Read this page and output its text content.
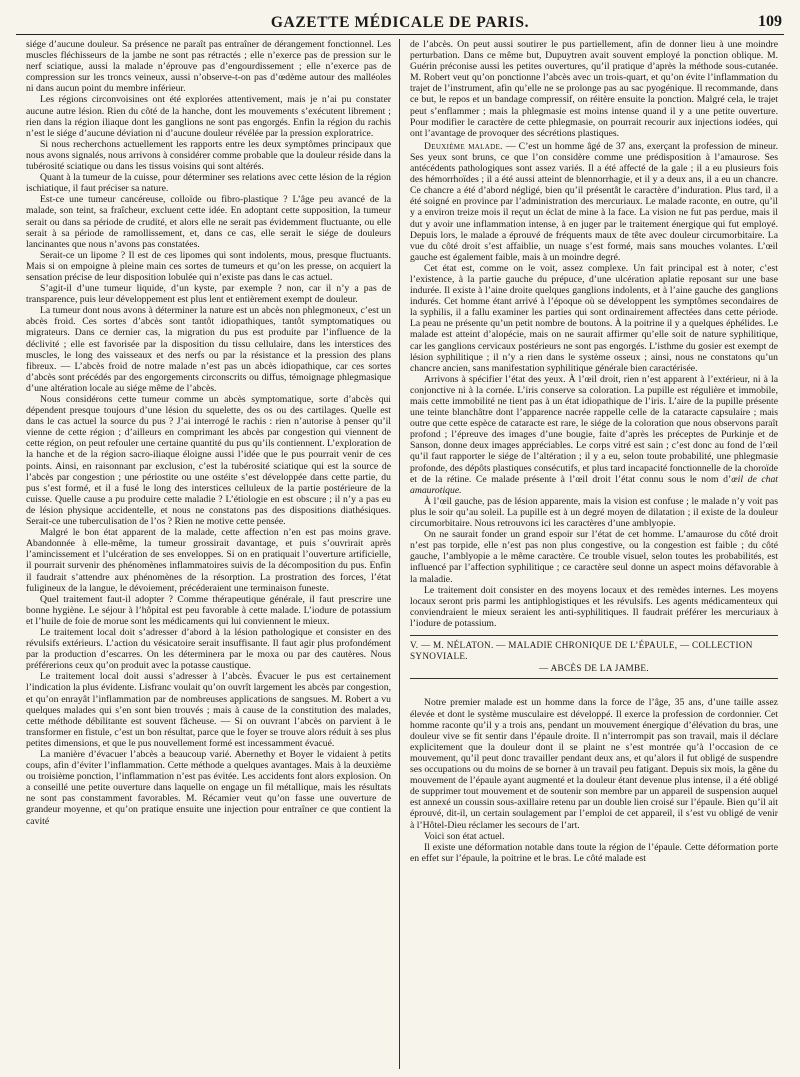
GAZETTE MÉDICALE DE PARIS.	109

siége d’aucune douleur. Sa présence ne paraît pas entraîner de dérangement fonctionnel. Les muscles fléchisseurs de la jambe ne sont pas rétractés ; elle n’exerce pas de pression sur le nerf sciatique, aussi la malade n’éprouve pas d’engourdissement ; elle n’exerce pas de compression sur les troncs veineux, aussi n’observe-t-on pas d’œdème autour des malléoles ni dans aucun point du membre inférieur.

Les régions circonvoisines ont été explorées attentivement, mais je n’ai pu constater aucune autre lésion. Rien du côté de la hanche, dont les mouvements s’exécutent librement ; rien dans la région iliaque dont les ganglions ne sont pas engorgés. Enfin la région du rachis n’est le siége d’aucune déviation ni d’aucune douleur révélée par la pression exploratrice.

Si nous recherchons actuellement les rapports entre les deux symptômes principaux que nous avons signalés, nous arrivons à considérer comme probable que la douleur réside dans la tubérosité sciatique ou dans les tissus voisins qui sont altérés.

Quant à la tumeur de la cuisse, pour déterminer ses relations avec cette lésion de la région ischiatique, il faut préciser sa nature.

Est-ce une tumeur cancéreuse, colloïde ou fibro-plastique ? L’âge peu avancé de la malade, son teint, sa fraîcheur, excluent cette idée. En adoptant cette supposition, la tumeur serait ou dans sa période de crudité, et alors elle ne serait pas évidemment fluctuante, ou elle serait à sa période de ramollissement, et, dans ce cas, elle serait le siége de douleurs lancinantes que nous n’avons pas constatées.

Serait-ce un lipome ? Il est de ces lipomes qui sont indolents, mous, presque fluctuants. Mais si on empoigne à pleine main ces sortes de tumeurs et qu’on les presse, on acquiert la sensation précise de leur disposition lobulée qui n’existe pas dans le cas actuel.

S’agit-il d’une tumeur liquide, d’un kyste, par exemple ? non, car il n’y a pas de transparence, puis leur développement est plus lent et entièrement exempt de douleur.

La tumeur dont nous avons à déterminer la nature est un abcès non phlegmoneux, c’est un abcès froid. Ces sortes d’abcès sont tantôt idiopathiques, tantôt symptomatiques ou migrateurs. Dans ce dernier cas, la migration du pus est produite par l’influence de la déclivité ; elle est favorisée par la disposition du tissu cellulaire, dans les interstices des muscles, le long des vaisseaux et des nerfs ou par la résistance et la pression des plans fibreux. — L’abcès froid de notre malade n’est pas un abcès idiopathique, car ces sortes d’abcès sont précédés par des engorgements circonscrits ou diffus, témoignage phlegmasique d’une altération locale au siége même de l’abcès.

Nous considérons cette tumeur comme un abcès symptomatique, sorte d’abcès qui dépendent presque toujours d’une lésion du squelette, des os ou des cartilages. Quelle est dans le cas actuel la source du pus ? J’ai interrogé le rachis : rien n’autorise à penser qu’il vienne de cette région ; d’ailleurs en comprimant les abcès par congestion qui viennent de cette région, on peut refouler une certaine quantité du pus qu’ils contiennent. L’exploration de la hanche et de la région sacro-iliaque éloigne aussi l’idée que le pus pourrait venir de ces points. Ainsi, en raisonnant par exclusion, c’est la tubérosité sciatique qui est la source de l’abcès par congestion ; une périostite ou une ostéite s’est développée dans cette partie, du pus s’est formé, et il a fusé le long des interstices celluleux de la partie postérieure de la cuisse. Quelle cause a pu produire cette maladie ? L’étiologie en est obscure ; il n’y a pas eu de lésion physique accidentelle, et nous ne constatons pas des dispositions diathésiques. Serait-ce une tuberculisation de l’os ? Rien ne motive cette pensée.

Malgré le bon état apparent de la malade, cette affection n’en est pas moins grave. Abandonnée à elle-même, la tumeur grossirait davantage, et puis s’ouvrirait après l’amincissement et l’ulcération de ses enveloppes. Si on en pratiquait l’ouverture artificielle, il pourrait survenir des phénomènes inflammatoires suivis de la décomposition du pus. Enfin il faudrait s’attendre aux phénomènes de la résorption. La prostration des forces, l’état fuligineux de la langue, le dévoiement, précéderaient une terminaison funeste.

Quel traitement faut-il adopter ? Comme thérapeutique générale, il faut prescrire une bonne hygiène. Le séjour à l’hôpital est peu favorable à cette malade. L’iodure de potassium et l’huile de foie de morue sont les médicaments qui lui conviennent le mieux.

Le traitement local doit s’adresser d’abord à la lésion pathologique et consister en des révulsifs extérieurs. L’action du vésicatoire serait insuffisante. Il faut agir plus profondément par la production d’escarres. On les déterminera par le moxa ou par des cautères. Nous préférerions ceux qu’on produit avec la potasse caustique.

Le traitement local doit aussi s’adresser à l’abcès. Évacuer le pus est certainement l’indication la plus évidente. Lisfranc voulait qu’on ouvrît largement les abcès par congestion, et qu’on enrayât l’inflammation par de nombreuses applications de sangsues. M. Robert a vu quelques malades qui s’en sont bien trouvés ; mais à cause de la constitution des malades, cette méthode débilitante est souvent fâcheuse. — Si on ouvrant l’abcès on parvient à le transformer en fistule, c’est un bon résultat, parce que le foyer se trouve alors réduit à ses plus petites dimensions, et que le pus nouvellement formé est incessamment évacué.

La manière d’évacuer l’abcès a beaucoup varié. Abernethy et Boyer le vidaient à petits coups, afin d’éviter l’inflammation. Cette méthode a quelques avantages. Mais à la deuxième ou troisième ponction, l’inflammation n’est pas évitée. Les accidents font alors explosion. On a conseillé une petite ouverture dans laquelle on engage un fil métallique, mais les résultats ne sont pas constamment favorables. M. Récamier veut qu’on fasse une ouverture de grandeur moyenne, et qu’on pratique ensuite une injection pour entraîner ce que contient la cavité

de l’abcès. On peut aussi soutirer le pus partiellement, afin de donner lieu à une moindre perturbation. Dans ce même but, Dupuytren avait souvent employé la ponction oblique. M. Guérin préconise aussi les petites ouvertures, qu’il pratique d’après la méthode sous-cutanée. M. Robert veut qu’on ponctionne l’abcès avec un trois-quart, et qu’on évite l’inflammation du trajet de l’instrument, afin qu’elle ne se prolonge pas au sac pyogénique. Il recommande, dans ce but, le repos et un bandage compressif, on réitère ensuite la ponction. Malgré cela, le trajet peut s’enflammer ; mais la phlegmasie est moins intense quand il y a une petite ouverture. Pour modifier le caractère de cette phlegmasie, on pourrait recourir aux injections iodées, qui ont l’avantage de provoquer des sécrétions plastiques.

Deuxième malade. — C’est un homme âgé de 37 ans, exerçant la profession de mineur. Ses yeux sont bruns, ce que l’on considère comme une prédisposition à l’amaurose. Ses antécédents pathologiques sont assez variés. Il a été affecté de la gale ; il a eu plusieurs fois des hémorrhoïdes ; il a été aussi atteint de blennorrhagie, et il y a deux ans, il a eu un chancre. Ce chancre a été d’abord négligé, bien qu’il présentât le caractère d’induration. Plus tard, il a été soigné en province par l’administration des mercuriaux. Le malade raconte, en outre, qu’il y a environ treize mois il reçut un éclat de mine à la face. La vision ne fut pas perdue, mais il dut y avoir une inflammation intense, à en juger par le traitement énergique qui fut employé. Depuis lors, le malade a éprouvé de fréquents maux de tête avec douleur circumorbitaire. La vue du côté droit s’est affaiblie, un nuage s’est formé, mais sans mouches volantes. L’œil gauche est également faible, mais à un moindre degré.

Cet état est, comme on le voit, assez complexe. Un fait principal est à noter, c’est l’existence, à la partie gauche du prépuce, d’une ulcération aplatie reposant sur une base indurée. Il existe à l’aine droite quelques ganglions indolents, et à l’aine gauche des ganglions indurés. Cet homme étant arrivé à l’époque où se développent les symptômes secondaires de la syphilis, il a fallu examiner les parties qui sont ordinairement affectées dans cette période. La peau ne présente qu’un petit nombre de boutons. À la poitrine il y a quelques éphélides. Le malade est atteint d’alopécie, mais on ne saurait affirmer qu’elle soit de nature syphilitique, car les ganglions cervicaux postérieurs ne sont pas engorgés. L’isthme du gosier est exempt de lésion syphilitique ; il n’y a rien dans le système osseux ; ainsi, nous ne constatons qu’un chancre ancien, sans manifestation syphilitique générale bien caractérisée.

Arrivons à spécifier l’état des yeux. À l’œil droit, rien n’est apparent à l’extérieur, ni à la conjonctive ni à la cornée. L’iris conserve sa coloration. La pupille est régulière et immobile, mais cette immobilité ne tient pas à un état idiopathique de l’iris. L’aire de la pupille présente une teinte blanchâtre dont l’apparence nacrée rappelle celle de la cataracte capsulaire ; mais outre que cette espèce de cataracte est rare, le siége de la coloration que nous observons paraît profond ; l’épreuve des images d’une bougie, faite d’après les préceptes de Purkinje et de Sanson, donne deux images appréciables. Le corps vitré est sain ; c’est donc au fond de l’œil qu’il faut rapporter le siége de l’altération ; il y a eu, selon toute probabilité, une phlegmasie profonde, des dépôts plastiques consécutifs, et plus tard incapacité fonctionnelle de la choroïde et de la rétine. Ce malade présente à l’œil droit l’état connu sous le nom d’œil de chat amaurotique.

À l’œil gauche, pas de lésion apparente, mais la vision est confuse ; le malade n’y voit pas plus le soir qu’au soleil. La pupille est à un degré moyen de dilatation ; il existe de la douleur circumorbitaire. Nous retrouvons ici les caractères d’une amblyopie.

On ne saurait fonder un grand espoir sur l’état de cet homme. L’amaurose du côté droit n’est pas torpide, elle n’est pas non plus congestive, ou la congestion est faible ; du côté gauche, l’amblyopie a le même caractère. Ce trouble visuel, selon toutes les probabilités, est influencé par l’affection syphilitique ; ce caractère seul donne un aspect moins défavorable à la maladie.

Le traitement doit consister en des moyens locaux et des remèdes internes. Les moyens locaux seront pris parmi les antiphlogistiques et les révulsifs. Les agents médicamenteux qui conviendraient le mieux seraient les anti-syphilitiques. Il faudrait préférer les mercuriaux à l’iodure de potassium.

V. — M. NÉLATON. — MALADIE CHRONIQUE DE L’ÉPAULE, — COLLECTION SYNOVIALE.
— ABCÈS DE LA JAMBE.

Notre premier malade est un homme dans la force de l’âge, 35 ans, d’une taille assez élevée et dont le système musculaire est développé. Il exerce la profession de cordonnier. Cet homme raconte qu’il y a trois ans, pendant un mouvement énergique d’élévation du bras, une douleur vive se fit sentir dans l’épaule droite. Il n’interrompit pas son travail, mais il déclare explicitement que la douleur dont il se plaint ne s’est montrée qu’à l’occasion de ce mouvement, qu’il peut donc travailler pendant deux ans, et qu’alors il fut obligé de suspendre ses occupations ou du moins de se borner à un travail peu fatigant. Depuis six mois, la gêne du mouvement de l’épaule ayant augmenté et la douleur étant devenue plus intense, il a été obligé de supprimer tout mouvement et de soutenir son membre par un appareil de suspension auquel est annexé un coussin sous-axillaire retenu par un double lien croisé sur l’épaule. Bien qu’il ait éprouvé, dit-il, un certain soulagement par l’emploi de cet appareil, il s’est vu obligé de venir à l’Hôtel-Dieu réclamer les secours de l’art.

Voici son état actuel.

Il existe une déformation notable dans toute la région de l’épaule. Cette déformation porte en effet sur l’épaule, la poitrine et le bras. Le côté malade est
